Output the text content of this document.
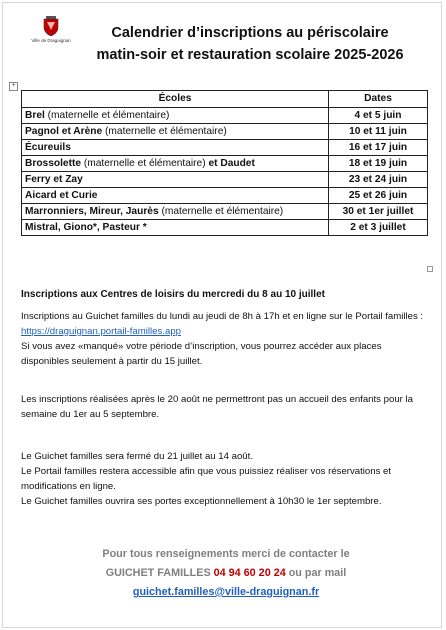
Ville de Draguignan	Calendrier d’inscriptions au périscolaire
matin-soir et restauration scolaire 2025-2026
+
Écoles	Dates
Brel (maternelle et élémentaire)	4 et 5 juin
Pagnol et Arène (maternelle et élémentaire)	10 et 11 juin
Écureuils	16 et 17 juin
Brossolette (maternelle et élémentaire) et Daudet	18 et 19 juin
Ferry et Zay	23 et 24 juin
Aicard et Curie	25 et 26 juin
Marronniers, Mireur, Jaurès (maternelle et élémentaire)	30 et 1er juillet
Mistral, Giono*, Pasteur *	2 et 3 juillet
Inscriptions aux Centres de loisirs du mercredi du 8 au 10 juillet
Inscriptions au Guichet familles du lundi au jeudi de 8h à 17h et en ligne sur le Portail familles : https://draguignan.portail-familles.app
Si vous avez «manqué» votre période d’inscription, vous pourrez accéder aux places disponibles seulement à partir du 15 juillet.
Les inscriptions réalisées après le 20 août ne permettront pas un accueil des enfants pour la semaine du 1er au 5 septembre.
Le Guichet familles sera fermé du 21 juillet au 14 août.
Le Portail familles restera accessible afin que vous puissiez réaliser vos réservations et modifications en ligne.
Le Guichet familles ouvrira ses portes exceptionnellement à 10h30 le 1er septembre.
Pour tous renseignements merci de contacter le
GUICHET FAMILLES 04 94 60 20 24 ou par mail
guichet.familles@ville-draguignan.fr
